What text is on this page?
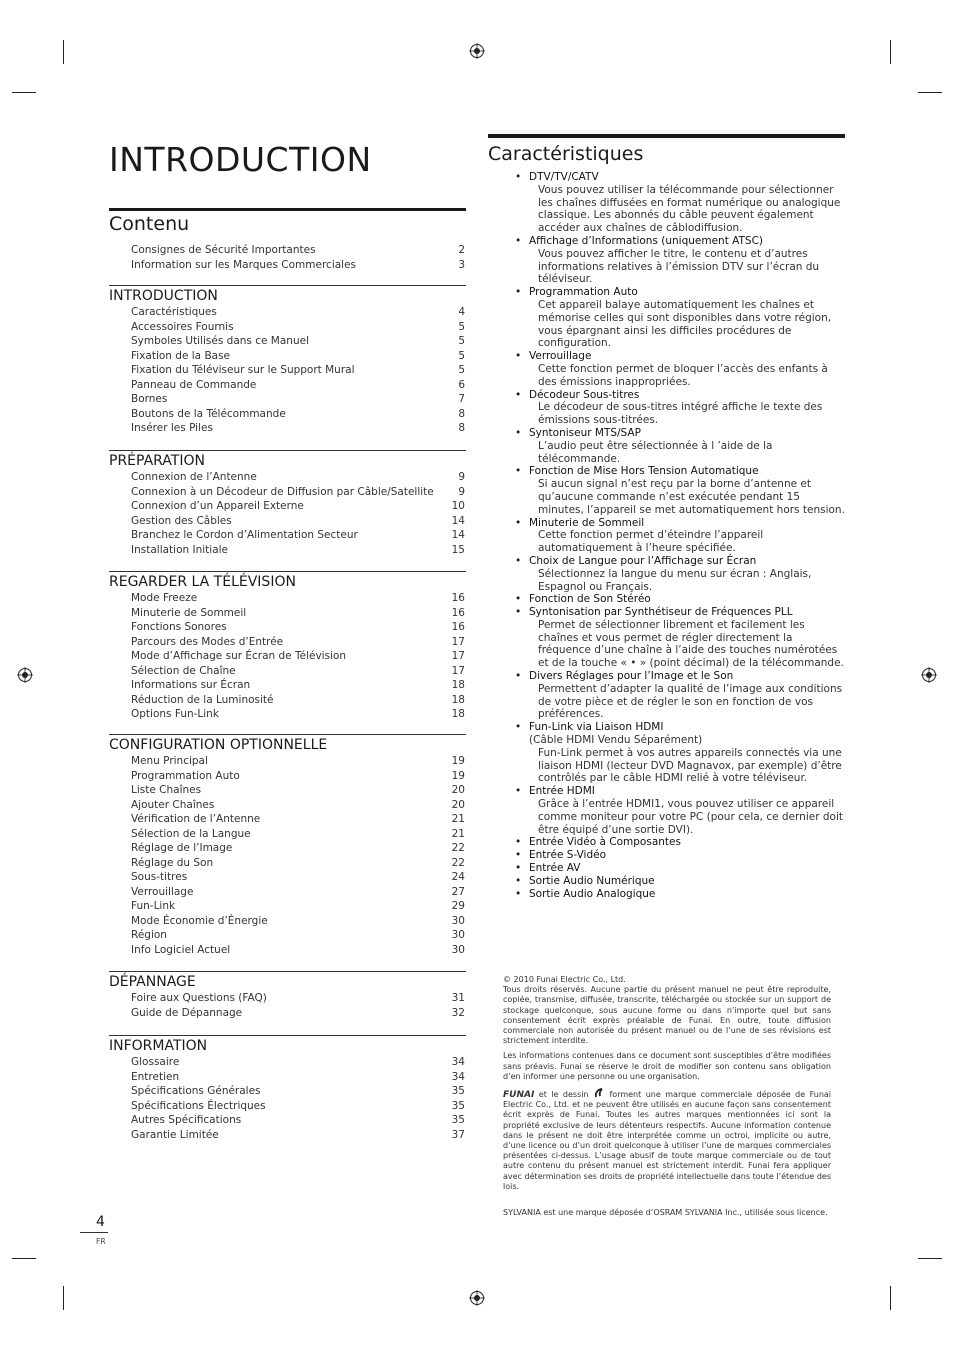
INTRODUCTION
Contenu
Consignes de Sécurité Importantes	2
Information sur les Marques Commerciales	3
INTRODUCTION
Caractéristiques	4
Accessoires Fournis	5
Symboles Utilisés dans ce Manuel	5
Fixation de la Base	5
Fixation du Téléviseur sur le Support Mural	5
Panneau de Commande	6
Bornes	7
Boutons de la Télécommande	8
Insérer les Piles	8
PRÉPARATION
Connexion de l’Antenne	9
Connexion à un Décodeur de Diffusion par Câble/Satellite 9
Connexion d’un Appareil Externe	10
Gestion des Câbles	14
Branchez le Cordon d’Alimentation Secteur	14
Installation Initiale	15
REGARDER LA TÉLÉVISION
Mode Freeze	16
Minuterie de Sommeil	16
Fonctions Sonores	16
Parcours des Modes d’Entrée	17
Mode d’Affichage sur Écran de Télévision	17
Sélection de Chaîne	17
Informations sur Écran	18
Réduction de la Luminosité	18
Options Fun-Link	18
CONFIGURATION OPTIONNELLE
Menu Principal	19
Programmation Auto	19
Liste Chaînes	20
Ajouter Chaînes	20
Vérification de l’Antenne	21
Sélection de la Langue	21
Réglage de l’Image	22
Réglage du Son	22
Sous-titres	24
Verrouillage	27
Fun-Link	29
Mode Économie d’Énergie	30
Région	30
Info Logiciel Actuel	30
DÉPANNAGE
Foire aux Questions (FAQ)	31
Guide de Dépannage	32
INFORMATION
Glossaire	34
Entretien	34
Spécifications Générales	35
Spécifications Électriques	35
Autres Spécifications	35
Garantie Limitée	37
Caractéristiques
• DTV/TV/CATV
Vous pouvez utiliser la télécommande pour sélectionner les chaînes diffusées en format numérique ou analogique classique. Les abonnés du câble peuvent également accéder aux chaînes de câblodiffusion.
• Affichage d’Informations (uniquement ATSC)
Vous pouvez afficher le titre, le contenu et d’autres informations relatives à l’émission DTV sur l’écran du téléviseur.
• Programmation Auto
Cet appareil balaye automatiquement les chaînes et mémorise celles qui sont disponibles dans votre région, vous épargnant ainsi les difficiles procédures de configuration.
• Verrouillage
Cette fonction permet de bloquer l’accès des enfants à des émissions inappropriées.
• Décodeur Sous-titres
Le décodeur de sous-titres intégré affiche le texte des émissions sous-titrées.
• Syntoniseur MTS/SAP
L’audio peut être sélectionnée à l ’aide de la télécommande.
• Fonction de Mise Hors Tension Automatique
Si aucun signal n’est reçu par la borne d’antenne et qu’aucune commande n’est exécutée pendant 15 minutes, l’appareil se met automatiquement hors tension.
• Minuterie de Sommeil
Cette fonction permet d’éteindre l’appareil automatiquement à l’heure spécifiée.
• Choix de Langue pour l’Affichage sur Écran
Sélectionnez la langue du menu sur écran : Anglais, Espagnol ou Français.
• Fonction de Son Stéréo
• Syntonisation par Synthétiseur de Fréquences PLL
Permet de sélectionner librement et facilement les chaînes et vous permet de régler directement la fréquence d’une chaîne à l’aide des touches numérotées et de la touche « • » (point décimal) de la télécommande.
• Divers Réglages pour l’Image et le Son
Permettent d’adapter la qualité de l’image aux conditions de votre pièce et de régler le son en fonction de vos préférences.
• Fun-Link via Liaison HDMI
(Câble HDMI Vendu Séparément)
Fun-Link permet à vos autres appareils connectés via une liaison HDMI (lecteur DVD Magnavox, par exemple) d’être contrôlés par le câble HDMI relié à votre téléviseur.
• Entrée HDMI
Grâce à l’entrée HDMI1, vous pouvez utiliser ce appareil comme moniteur pour votre PC (pour cela, ce dernier doit être équipé d’une sortie DVI).
• Entrée Vidéo à Composantes
• Entrée S-Vidéo
• Entrée AV
• Sortie Audio Numérique
• Sortie Audio Analogique

© 2010 Funai Electric Co., Ltd.

Tous droits réservés. Aucune partie du présent manuel ne peut être reproduite, copiée, transmise, diffusée, transcrite, téléchargée ou stockée sur un support de stockage quelconque, sous aucune forme ou dans n’importe quel but sans consentement écrit exprès préalable de Funai. En outre, toute diffusion commerciale non autorisée du présent manuel ou de l’une de ses révisions est strictement interdite.

Les informations contenues dans ce document sont susceptibles d’être modifiées sans préavis. Funai se réserve le droit de modifier son contenu sans obligation d’en informer une personne ou une organisation.

FUNAI et le dessin	forment une marque commerciale déposée de Funai Electric Co., Ltd. et ne peuvent être utilisés en aucune façon sans consentement écrit exprès de Funai. Toutes les autres marques mentionnées ici sont la propriété exclusive de leurs détenteurs respectifs. Aucune information contenue dans le présent ne doit être interprétée comme un octroi, implicite ou autre, d’une licence ou d’un droit quelconque à utiliser l’une de marques commerciales présentées ci-dessus. L’usage abusif de toute marque commerciale ou de tout autre contenu du présent manuel est strictement interdit. Funai fera appliquer avec détermination ses droits de propriété intellectuelle dans toute l’étendue des lois.

SYLVANIA est une marque déposée d’OSRAM SYLVANIA Inc., utilisée sous licence.

4
FR
